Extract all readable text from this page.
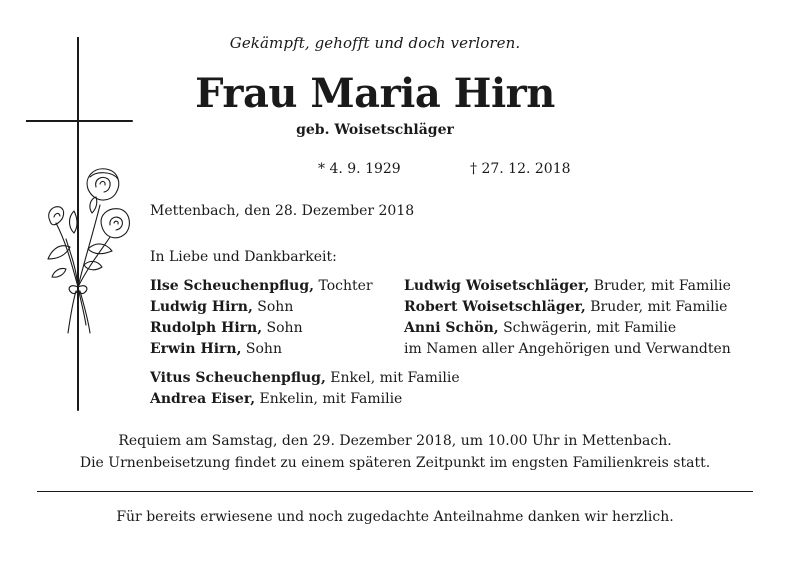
Gekämpft, gehofft und doch verloren.
Frau Maria Hirn
geb. Woisetschläger
* 4. 9. 1929	† 27. 12. 2018
Mettenbach, den 28. Dezember 2018
In Liebe und Dankbarkeit:
Ilse Scheuchenpflug, Tochter
Ludwig Hirn, Sohn
Rudolph Hirn, Sohn
Erwin Hirn, Sohn
Ludwig Woisetschläger, Bruder, mit Familie
Robert Woisetschläger, Bruder, mit Familie
Anni Schön, Schwägerin, mit Familie
im Namen aller Angehörigen und Verwandten
Vitus Scheuchenpflug, Enkel, mit Familie
Andrea Eiser, Enkelin, mit Familie
Requiem am Samstag, den 29. Dezember 2018, um 10.00 Uhr in Mettenbach.
Die Urnenbeisetzung findet zu einem späteren Zeitpunkt im engsten Familienkreis statt.
Für bereits erwiesene und noch zugedachte Anteilnahme danken wir herzlich.
